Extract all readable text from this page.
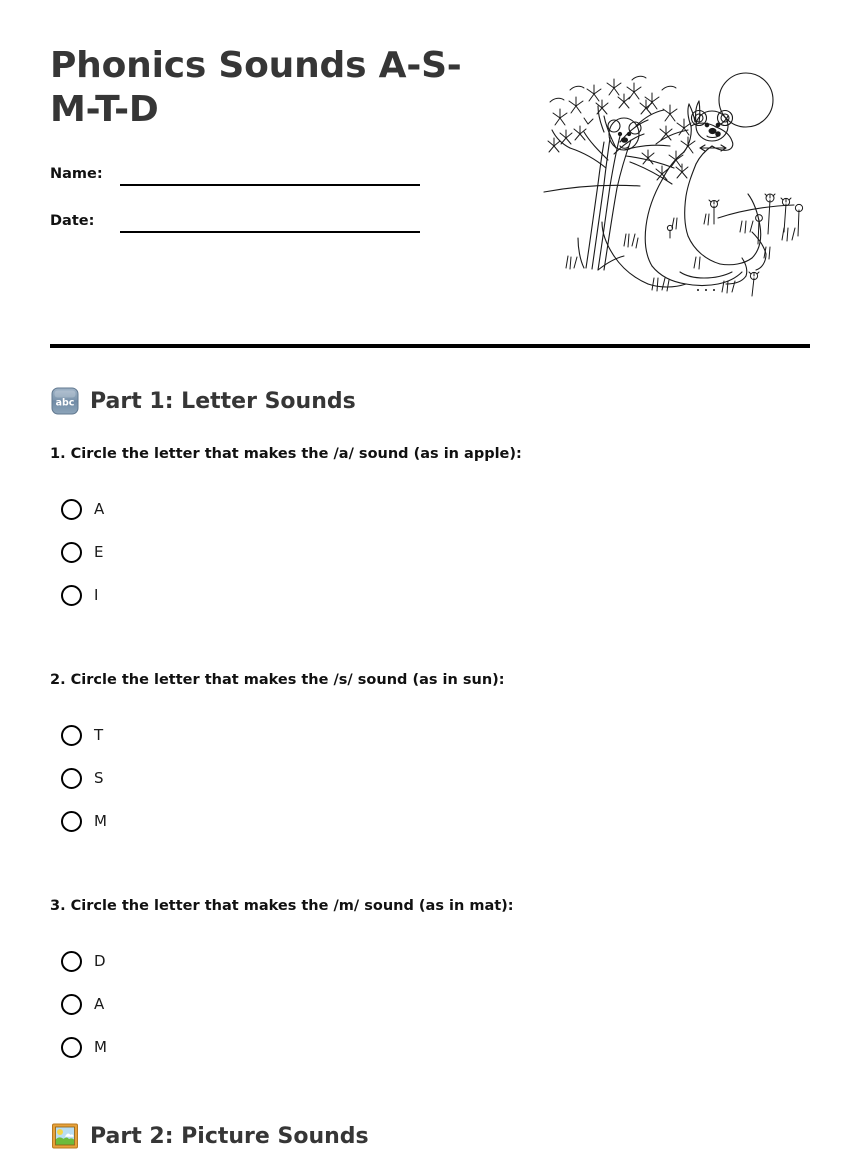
Phonics Sounds A-S-M-T-D
Name:
Date:
abc Part 1: Letter Sounds

1. Circle the letter that makes the /a/ sound (as in apple):

A
E
I

2. Circle the letter that makes the /s/ sound (as in sun):

T
S
M

3. Circle the letter that makes the /m/ sound (as in mat):

D
A
M
Part 2: Picture Sounds
